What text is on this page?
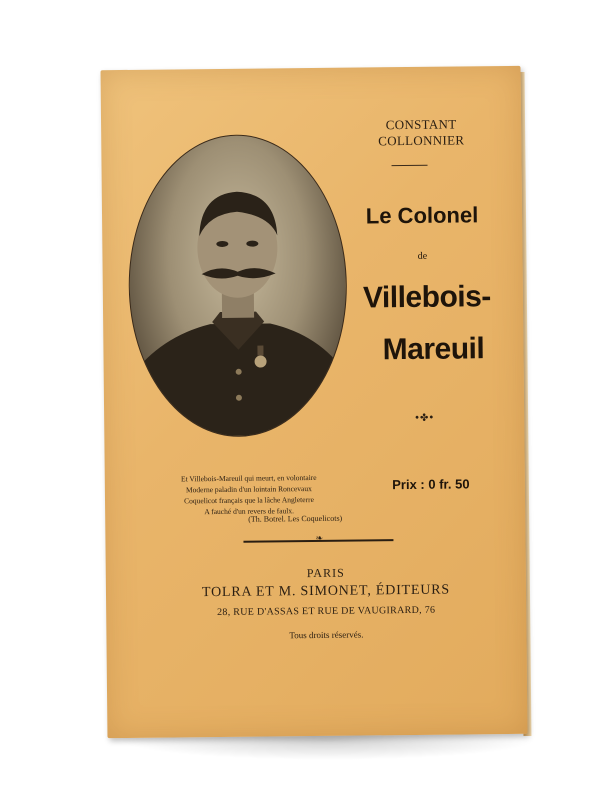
CONSTANT COLLONNIER
Et Villebois-Mareuil qui meurt, en volontaire
Moderne paladin d'un lointain Roncevaux
Coquelicot français que la lâche Angleterre
A fauché d'un revers de faulx.
(Th. Botrel. Les Coquelicots)
Le Colonel
de
Villebois-
Mareuil
•✤•
Prix : 0 fr. 50
❧
PARIS
TOLRA ET M. SIMONET, ÉDITEURS
28, RUE D'ASSAS ET RUE DE VAUGIRARD, 76
Tous droits réservés.
